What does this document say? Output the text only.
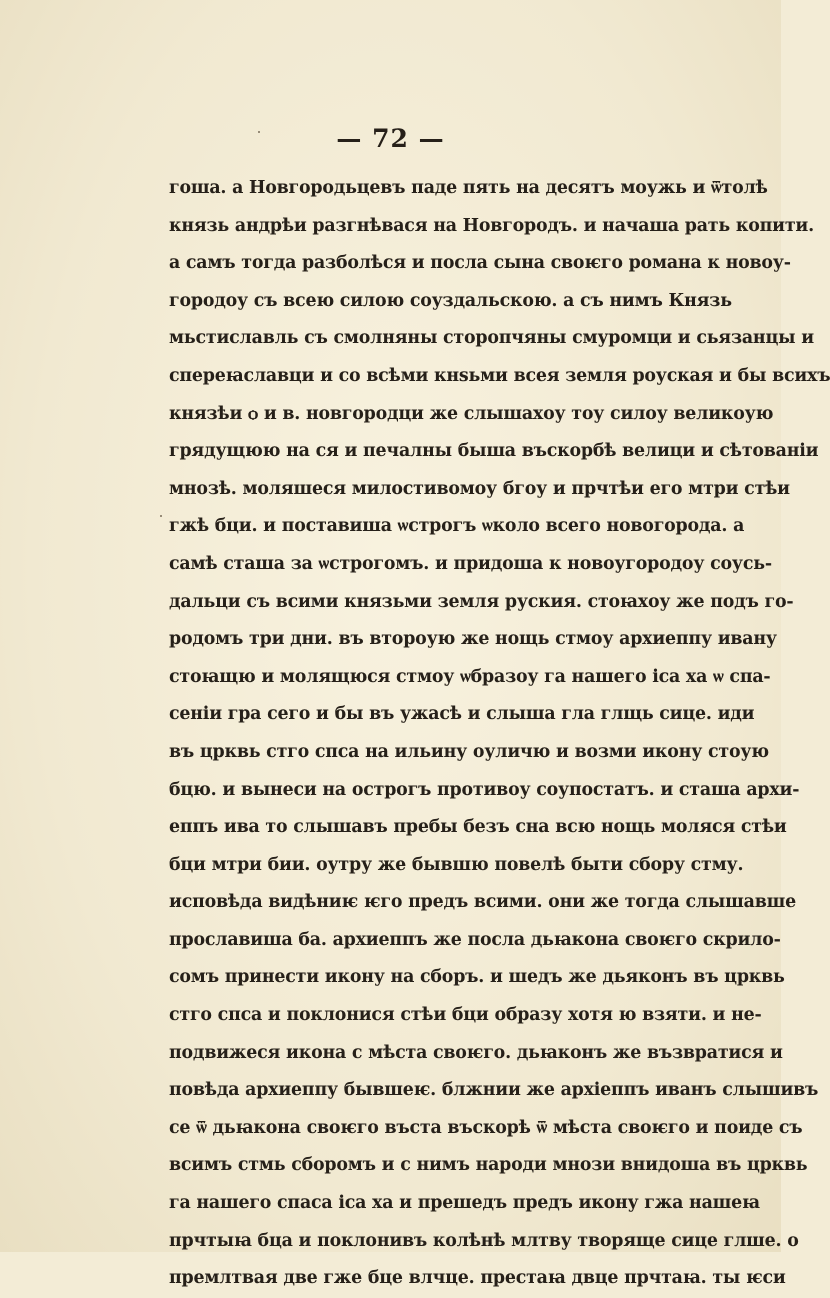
— 72 —
гоша. а Новгородьцевъ паде пять на десятъ моужь и ѿтолѣ
князь андрѣи разгнѣвася на Новгородъ. и начаша рать копити.
а самъ тогда разболѣся и посла сына своѥго романа к новоу-
городоу съ всею силою соуздальскою. а съ нимъ Князь
мьстиславль съ смолняны сторопчяны смуромци и сьязанцы и
спереꙗславци и со всѣми кнѕьми всея земля роуская и бы всихъ
князѣи ѻ и в. новгородци же слышахоу тоу силоу великоую
грядущюю на ся и печалны быша въскорбѣ велици и сѣтованіи
мнозѣ. моляшеся милостивомоу бгоу и прчтѣи его мтри стѣи
гжѣ бци. и поставиша ѡстрогъ ѡколо всего новогорода. а
самѣ сташа за ѡстрогомъ. и придоша к новоугородоу соусь-
дальци съ всими князьми земля руския. стоꙗхоу же подъ го-
родомъ три дни. въ второую же нощь стмоу архиеппу ивану
стоꙗщю и молящюся стмоу ѡбразоу га нашего іса ха ѡ спа-
сеніи гра сего и бы въ ужасѣ и слыша гла глщь сице. иди
въ црквь стго спса на ильину оуличю и возми икону стоую
бцю. и вынеси на острогъ противоу соупостатъ. и сташа архи-
еппъ ива то слышавъ пребы безъ сна всю нощь моляся стѣи
бци мтри бии. оутру же бывшю повелѣ быти сбору стму.
исповѣда видѣниѥ ѥго предъ всими. они же тогда слышавше
прославиша ба. архиеппъ же посла дьꙗкона своѥго скрило-
сомъ принести икону на сборъ. и шедъ же дьяконъ въ црквь
стго спса и поклонися стѣи бци образу хотя ю взяти. и не-
подвижеся икона с мѣста своѥго. дьꙗконъ же възвратися и
повѣда архиеппу бывшеѥ. блжнии же архіеппъ иванъ слышивъ
се ѿ дьꙗкона своѥго въста въскорѣ ѿ мѣста своѥго и поиде съ
всимъ стмь сборомъ и с нимъ народи мнози внидоша въ црквь
га нашего спаса іса ха и прешедъ предъ икону гжа нашеꙗ
прчтыꙗ бца и поклонивъ колѣнѣ млтву творяще сице глше. о
премлтвая две гже бце влчце. престаꙗ двце прчтаꙗ. ты ѥси
